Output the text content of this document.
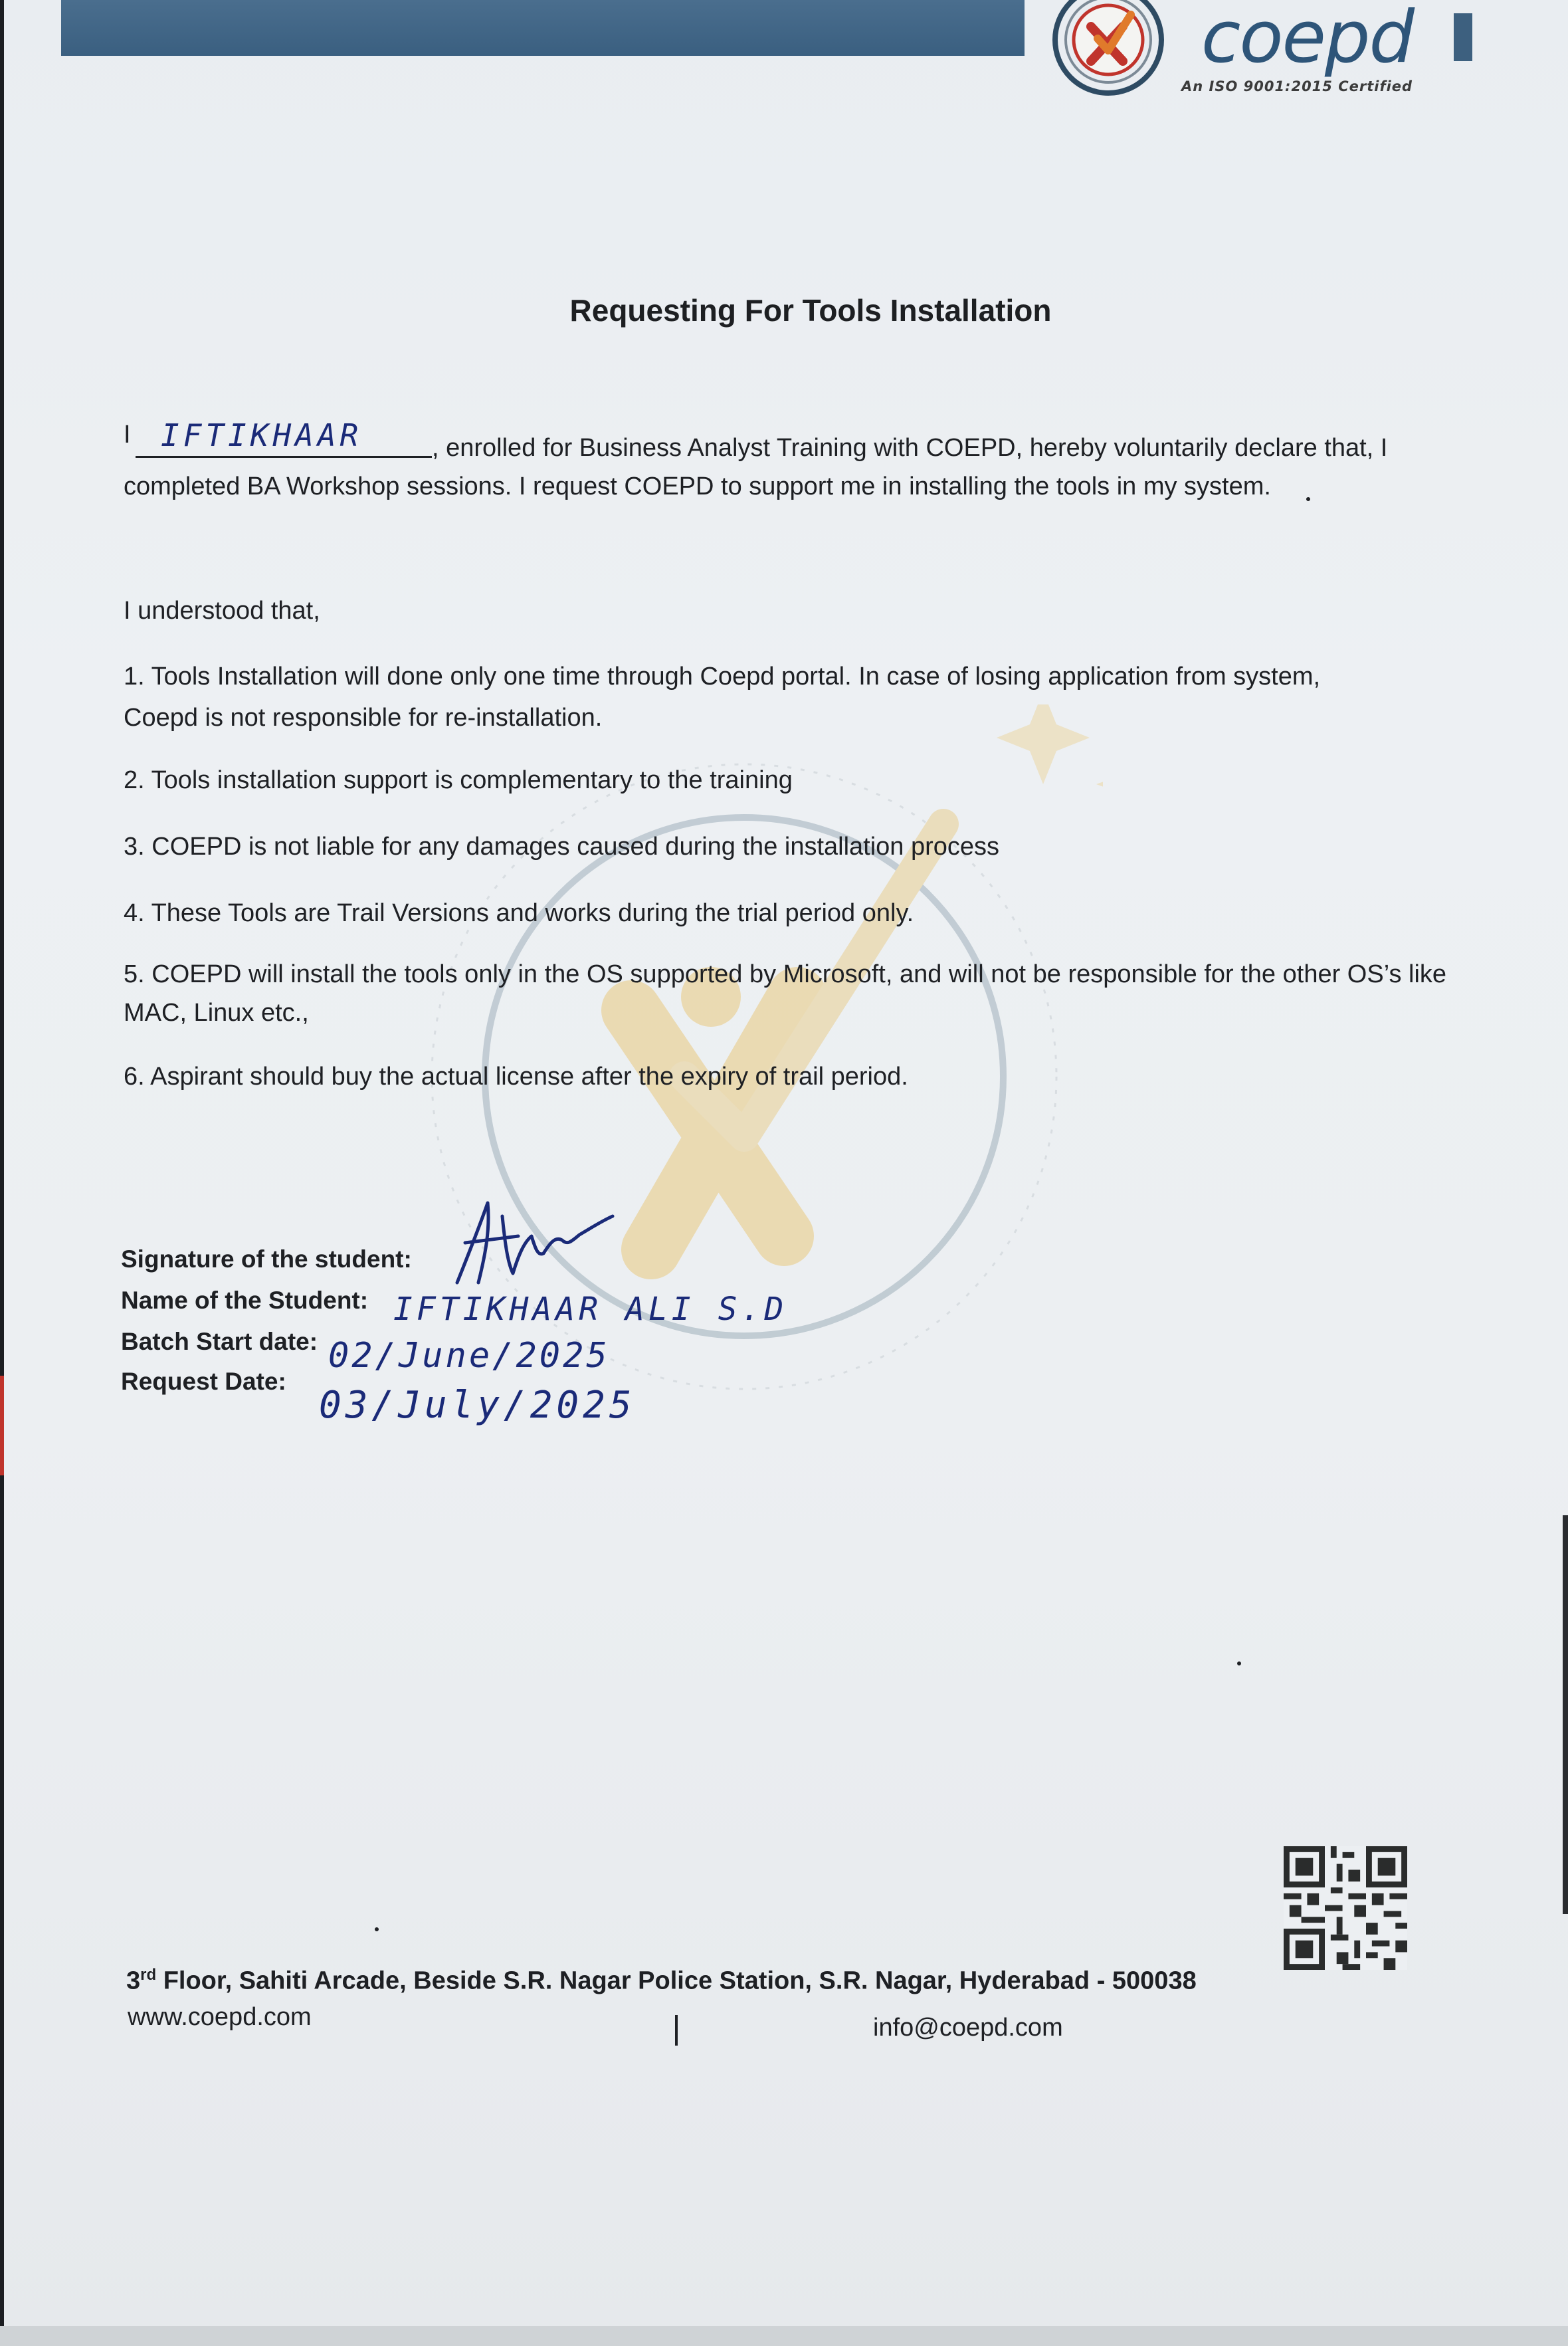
coepd
An ISO 9001:2015 Certified
Requesting For Tools Installation
I IFTIKHAAR	, enrolled for Business Analyst Training with COEPD, hereby voluntarily declare that, I
completed BA Workshop sessions. I request COEPD to support me in installing the tools in my system.
I understood that,
1. Tools Installation will done only one time through Coepd portal. In case of losing application from system,
Coepd is not responsible for re-installation.
2. Tools installation support is complementary to the training
3. COEPD is not liable for any damages caused during the installation process
4. These Tools are Trail Versions and works during the trial period only.
5. COEPD will install the tools only in the OS supported by Microsoft, and will not be responsible for the other OS’s like
MAC, Linux etc.,
6. Aspirant should buy the actual license after the expiry of trail period.
Signature of the student:
Name of the Student: IFTIKHAAR ALI S.D
Batch Start date: 02/June/2025
Request Date:
03/July/2025
3rd Floor, Sahiti Arcade, Beside S.R. Nagar Police Station, S.R. Nagar, Hyderabad - 500038
www.coepd.com	info@coepd.com
